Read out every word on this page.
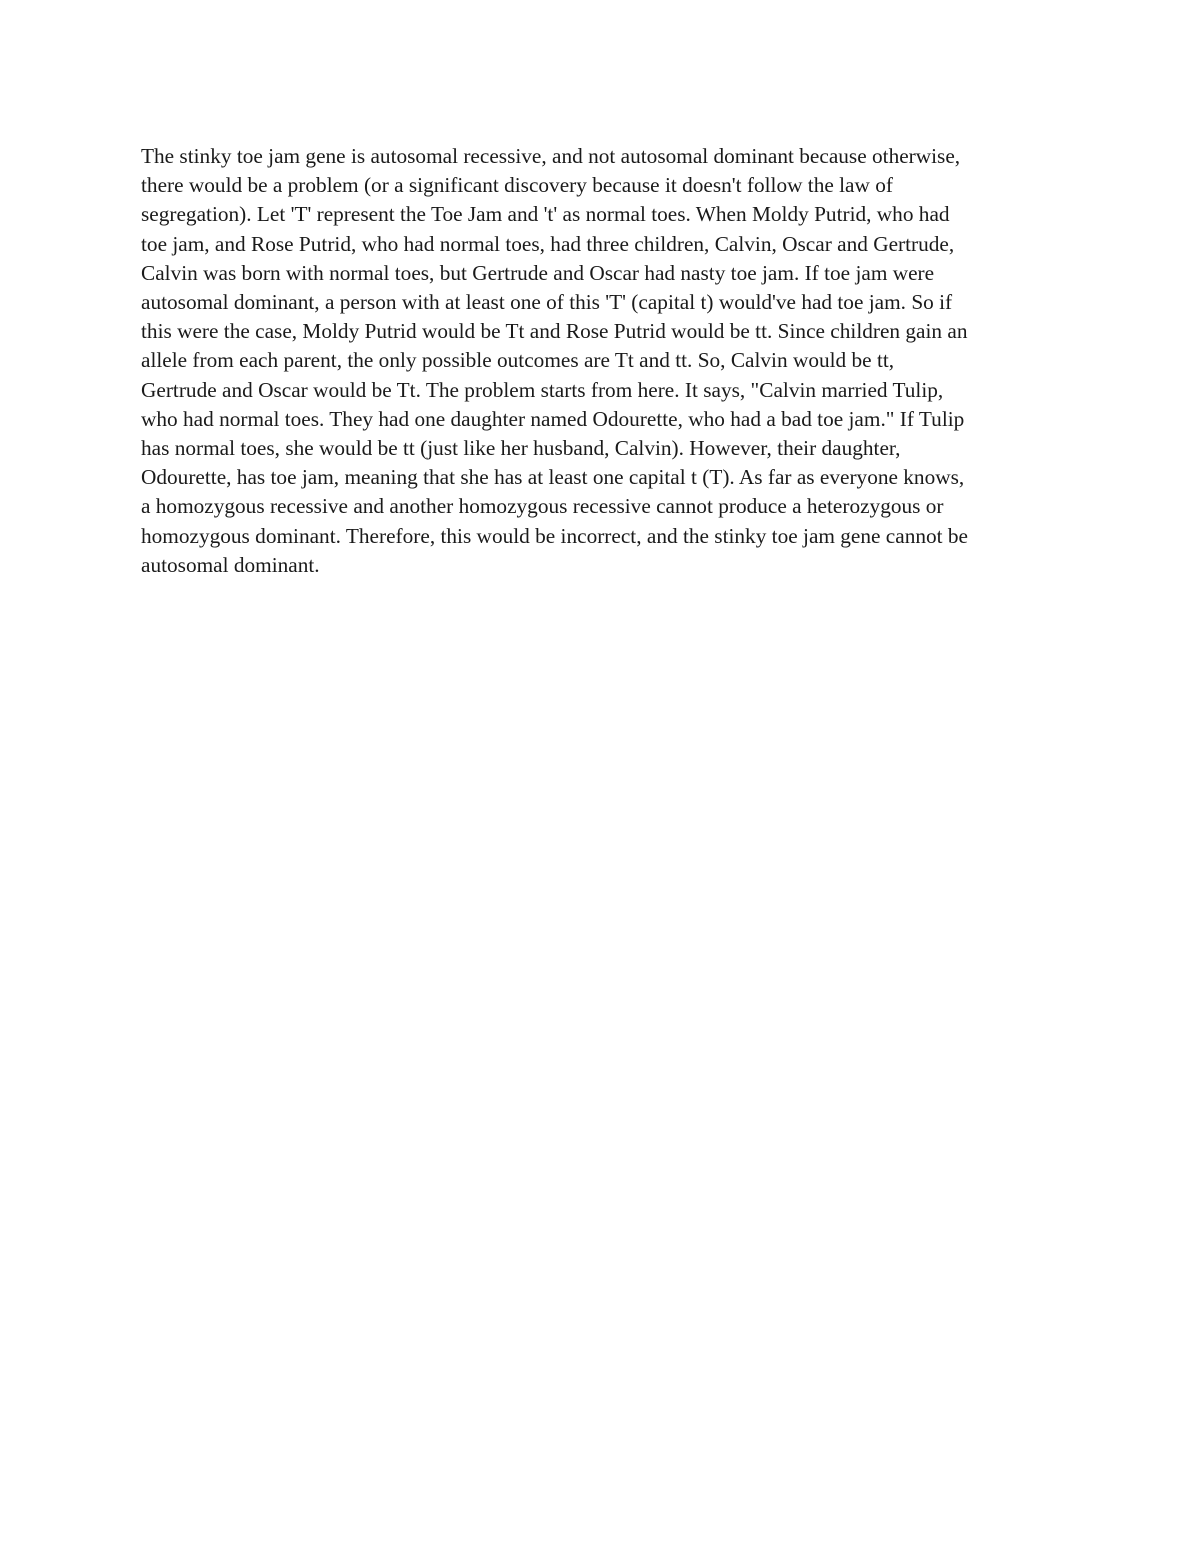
The stinky toe jam gene is autosomal recessive, and not autosomal dominant because otherwise,
there would be a problem (or a significant discovery because it doesn't follow the law of
segregation). Let 'T' represent the Toe Jam and 't' as normal toes. When Moldy Putrid, who had
toe jam, and Rose Putrid, who had normal toes, had three children, Calvin, Oscar and Gertrude,
Calvin was born with normal toes, but Gertrude and Oscar had nasty toe jam. If toe jam were
autosomal dominant, a person with at least one of this 'T' (capital t) would've had toe jam. So if
this were the case, Moldy Putrid would be Tt and Rose Putrid would be tt. Since children gain an
allele from each parent, the only possible outcomes are Tt and tt. So, Calvin would be tt,
Gertrude and Oscar would be Tt. The problem starts from here. It says, "Calvin married Tulip,
who had normal toes. They had one daughter named Odourette, who had a bad toe jam." If Tulip
has normal toes, she would be tt (just like her husband, Calvin). However, their daughter,
Odourette, has toe jam, meaning that she has at least one capital t (T). As far as everyone knows,
a homozygous recessive and another homozygous recessive cannot produce a heterozygous or
homozygous dominant. Therefore, this would be incorrect, and the stinky toe jam gene cannot be
autosomal dominant.
